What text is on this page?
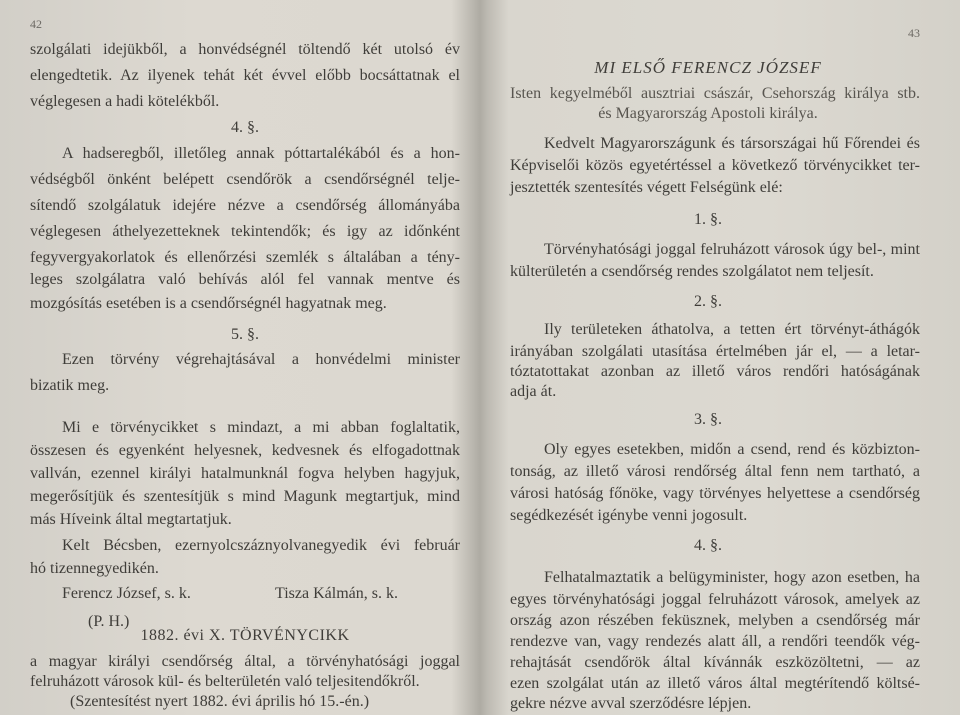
42
szolgálati idejükből, a honvédségnél töltendő két utolsó év
elengedtetik. Az ilyenek tehát két évvel előbb bocsáttatnak el
véglegesen a hadi kötelékből.
4. §.
A hadseregből, illetőleg annak póttartalékából és a hon-
védségből önként belépett csendőrök a csendőrségnél telje-
sítendő szolgálatuk idejére nézve a csendőrség állományába
véglegesen áthelyezetteknek tekintendők; és igy az időnként
fegyvergyakorlatok és ellenőrzési szemlék s általában a tény-
leges szolgálatra való behívás alól fel vannak mentve és
mozgósítás esetében is a csendőrségnél hagyatnak meg.
5. §.
Ezen törvény végrehajtásával a honvédelmi minister
bizatik meg.
Mi e törvénycikket s mindazt, a mi abban foglaltatik,
összesen és egyenként helyesnek, kedvesnek és elfogadottnak
vallván, ezennel királyi hatalmunknál fogva helyben hagyjuk,
megerősítjük és szentesítjük s mind Magunk megtartjuk, mind
más Híveink által megtartatjuk.
Kelt Bécsben, ezernyolcszáznyolvanegyedik évi február
hó tizennegyedikén.
Ferencz József, s. k.	Tisza Kálmán, s. k.
(P. H.)
1882. évi X. TÖRVÉNYCIKK
a magyar királyi csendőrség által, a törvényhatósági joggal
felruházott városok kül- és belterületén való teljesitendőkről.
(Szentesítést nyert 1882. évi április hó 15.-én.)
43
MI ELSŐ FERENCZ JÓZSEF
Isten kegyelméből ausztriai császár, Csehország királya stb.
és Magyarország Apostoli királya.
Kedvelt Magyarországunk és társországai hű Főrendei és
Képviselői közös egyetértéssel a következő törvénycikket ter-
jesztették szentesítés végett Felségünk elé:
1. §.
Törvényhatósági joggal felruházott városok úgy bel-, mint
külterületén a csendőrség rendes szolgálatot nem teljesít.
2. §.
Ily területeken áthatolva, a tetten ért törvényt-áthágók
irányában szolgálati utasítása értelmében jár el, — a letar-
tóztatottakat azonban az illető város rendőri hatóságának
adja át.
3. §.
Oly egyes esetekben, midőn a csend, rend és közbizton-
tonság, az illető városi rendőrség által fenn nem tartható, a
városi hatóság főnöke, vagy törvényes helyettese a csendőrség
segédkezését igénybe venni jogosult.
4. §.
Felhatalmaztatik a belügyminister, hogy azon esetben, ha
egyes törvényhatósági joggal felruházott városok, amelyek az
ország azon részében feküsznek, melyben a csendőrség már
rendezve van, vagy rendezés alatt áll, a rendőri teendők vég-
rehajtását csendőrök által kívánnák eszközöltetni, — az
ezen szolgálat után az illető város által megtérítendő költsé-
gekre nézve avval szerződésre lépjen.
